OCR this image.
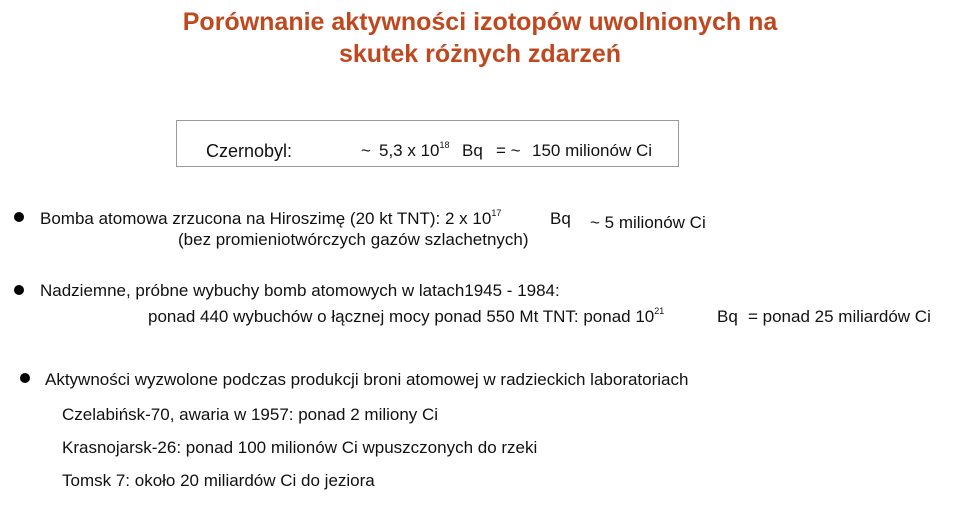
Porównanie aktywności izotopów uwolnionych na
skutek różnych zdarzeń
Czernobyl:	~ 5,3 x $10^{18}$ Bq = ~ 150 milionów Ci
Bomba atomowa zrzucona na Hiroszimę (20 kt TNT): 2 x $10^{17}$	Bq ~ 5 milionów Ci
(bez promieniotwórczych gazów szlachetnych)
Nadziemne, próbne wybuchy bomb atomowych w latach1945 - 1984:
ponad 440 wybuchów o łącznej mocy ponad 550 Mt TNT: ponad $10^{21}$	Bq = ponad 25 miliardów Ci
Aktywności wyzwolone podczas produkcji broni atomowej w radzieckich laboratoriach
Czelabińsk-70, awaria w 1957: ponad 2 miliony Ci
Krasnojarsk-26: ponad 100 milionów Ci wpuszczonych do rzeki
Tomsk 7: około 20 miliardów Ci do jeziora
